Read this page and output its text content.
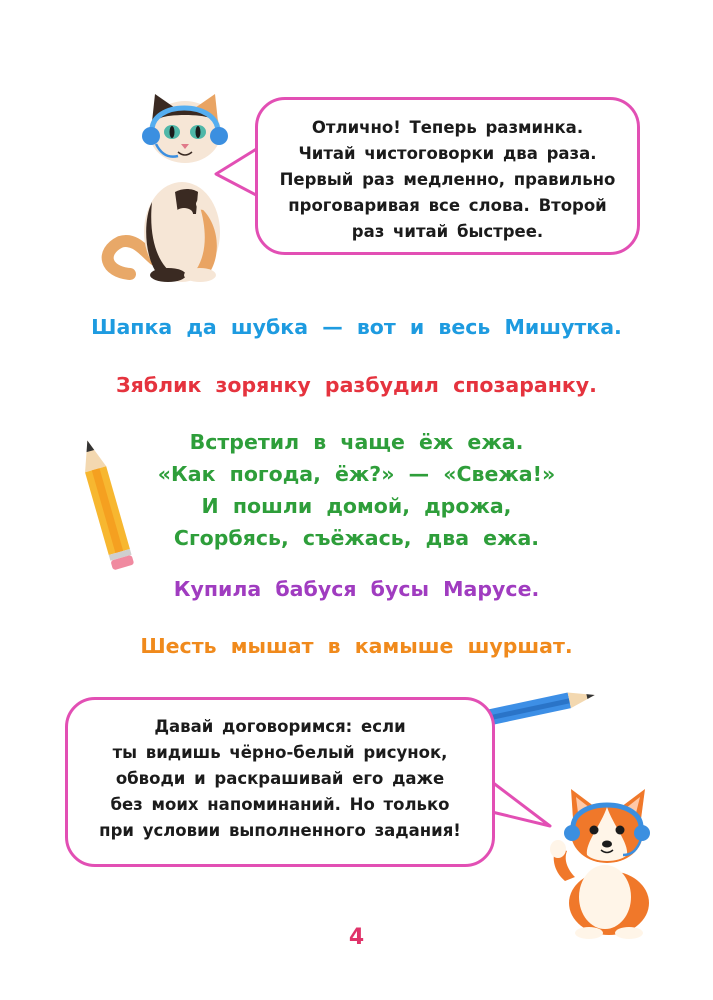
Отлично! Теперь разминка.
Читай чистоговорки два раза.
Первый раз медленно, правильно
проговаривая все слова. Второй
раз читай быстрее.
Шапка да шубка — вот и весь Мишутка.
Зяблик зорянку разбудил спозаранку.
Встретил в чаще ёж ежа.
«Как погода, ёж?» — «Свежа!»
И пошли домой, дрожа,
Сгорбясь, съёжась, два ежа.
Купила бабуся бусы Марусе.
Шесть мышат в камыше шуршат.
Давай договоримся: если
ты видишь чёрно-белый рисунок,
обводи и раскрашивай его даже
без моих напоминаний. Но только
при условии выполненного задания!
4
